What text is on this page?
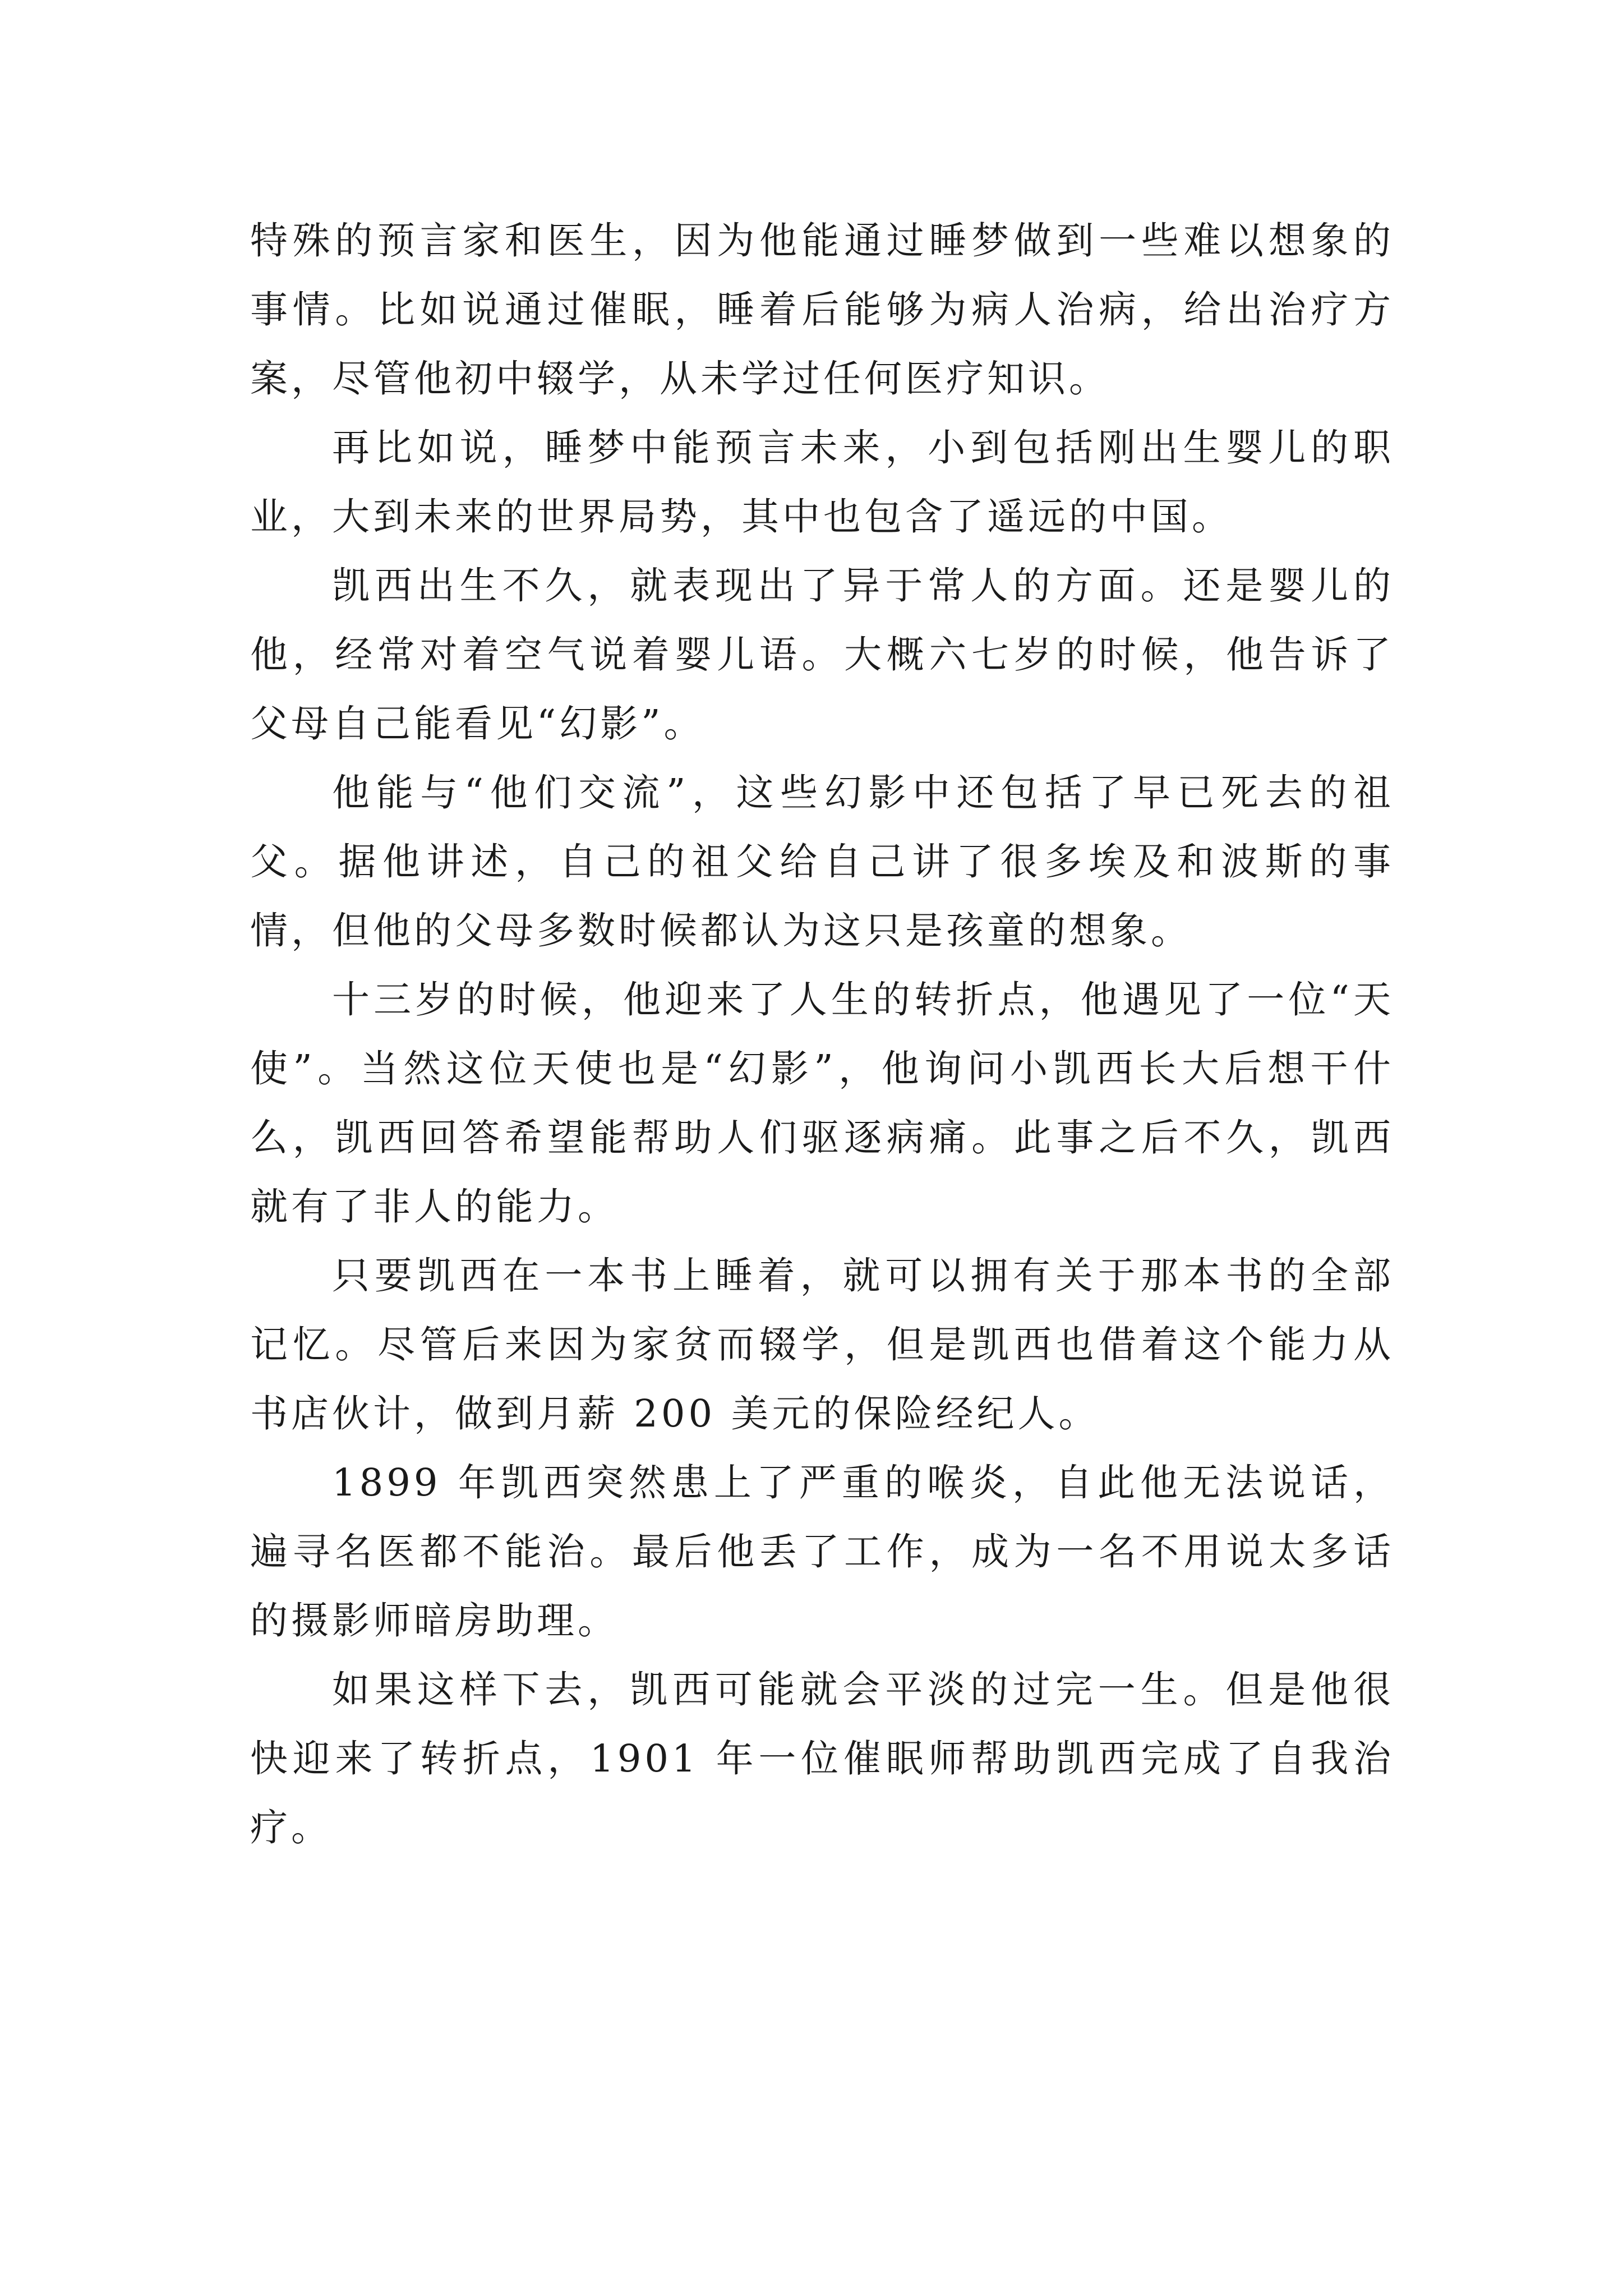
特殊的预言家和医生，因为他能通过睡梦做到一些难以想象的事情。比如说通过催眠，睡着后能够为病人治病，给出治疗方案，尽管他初中辍学，从未学过任何医疗知识。

再比如说，睡梦中能预言未来，小到包括刚出生婴儿的职业，大到未来的世界局势，其中也包含了遥远的中国。

凯西出生不久，就表现出了异于常人的方面。还是婴儿的他，经常对着空气说着婴儿语。大概六七岁的时候，他告诉了父母自己能看见“幻影”。

他能与“他们交流”，这些幻影中还包括了早已死去的祖父。据他讲述，自己的祖父给自己讲了很多埃及和波斯的事情，但他的父母多数时候都认为这只是孩童的想象。

十三岁的时候，他迎来了人生的转折点，他遇见了一位“天使”。当然这位天使也是“幻影”，他询问小凯西长大后想干什么，凯西回答希望能帮助人们驱逐病痛。此事之后不久，凯西就有了非人的能力。

只要凯西在一本书上睡着，就可以拥有关于那本书的全部记忆。尽管后来因为家贫而辍学，但是凯西也借着这个能力从书店伙计，做到月薪 200 美元的保险经纪人。

1899 年凯西突然患上了严重的喉炎，自此他无法说话，遍寻名医都不能治。最后他丢了工作，成为一名不用说太多话的摄影师暗房助理。

如果这样下去，凯西可能就会平淡的过完一生。但是他很快迎来了转折点，1901 年一位催眠师帮助凯西完成了自我治疗。
